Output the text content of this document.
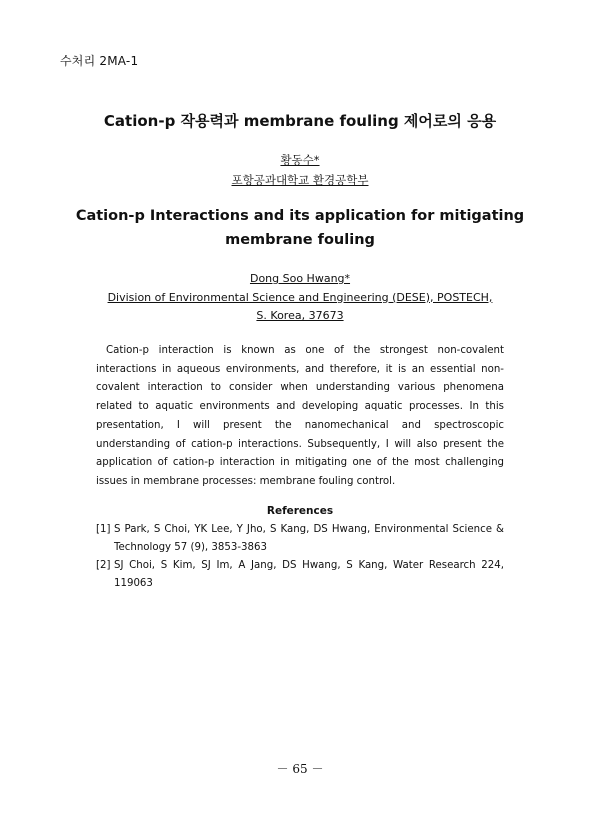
수처리 2MA-1
Cation-p 작용력과 membrane fouling 제어로의 응용
황동수*
포항공과대학교 환경공학부
Cation-p Interactions and its application for mitigating
membrane fouling
Dong Soo Hwang*
Division of Environmental Science and Engineering (DESE), POSTECH,
S. Korea, 37673

Cation-p interaction is known as one of the strongest non-covalent interactions in aqueous environments, and therefore, it is an essential non-covalent interaction to consider when understanding various phenomena related to aquatic environments and developing aquatic processes. In this presentation, I will present the nanomechanical and spectroscopic understanding of cation-p interactions. Subsequently, I will also present the application of cation-p interaction in mitigating one of the most challenging issues in membrane processes: membrane fouling control.

References
[1] S Park, S Choi, YK Lee, Y Jho, S Kang, DS Hwang, Environmental Science & Technology 57 (9), 3853-3863
[2] SJ Choi, S Kim, SJ Im, A Jang, DS Hwang, S Kang, Water Research 224, 119063
－ 65 －
